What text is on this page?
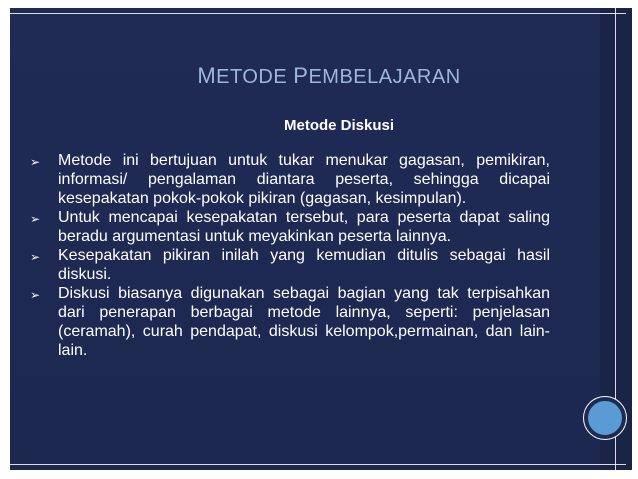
METODE PEMBELAJARAN
Metode Diskusi
➢ Metode ini bertujuan untuk tukar menukar gagasan, pemikiran, informasi/ pengalaman diantara peserta, sehingga dicapai kesepakatan pokok-pokok pikiran (gagasan, kesimpulan).
➢ Untuk mencapai kesepakatan tersebut, para peserta dapat saling beradu argumentasi untuk meyakinkan peserta lainnya.
➢ Kesepakatan pikiran inilah yang kemudian ditulis sebagai hasil diskusi.
➢ Diskusi biasanya digunakan sebagai bagian yang tak terpisahkan dari penerapan berbagai metode lainnya, seperti: penjelasan (ceramah), curah pendapat, diskusi kelompok,permainan, dan lain-lain.
